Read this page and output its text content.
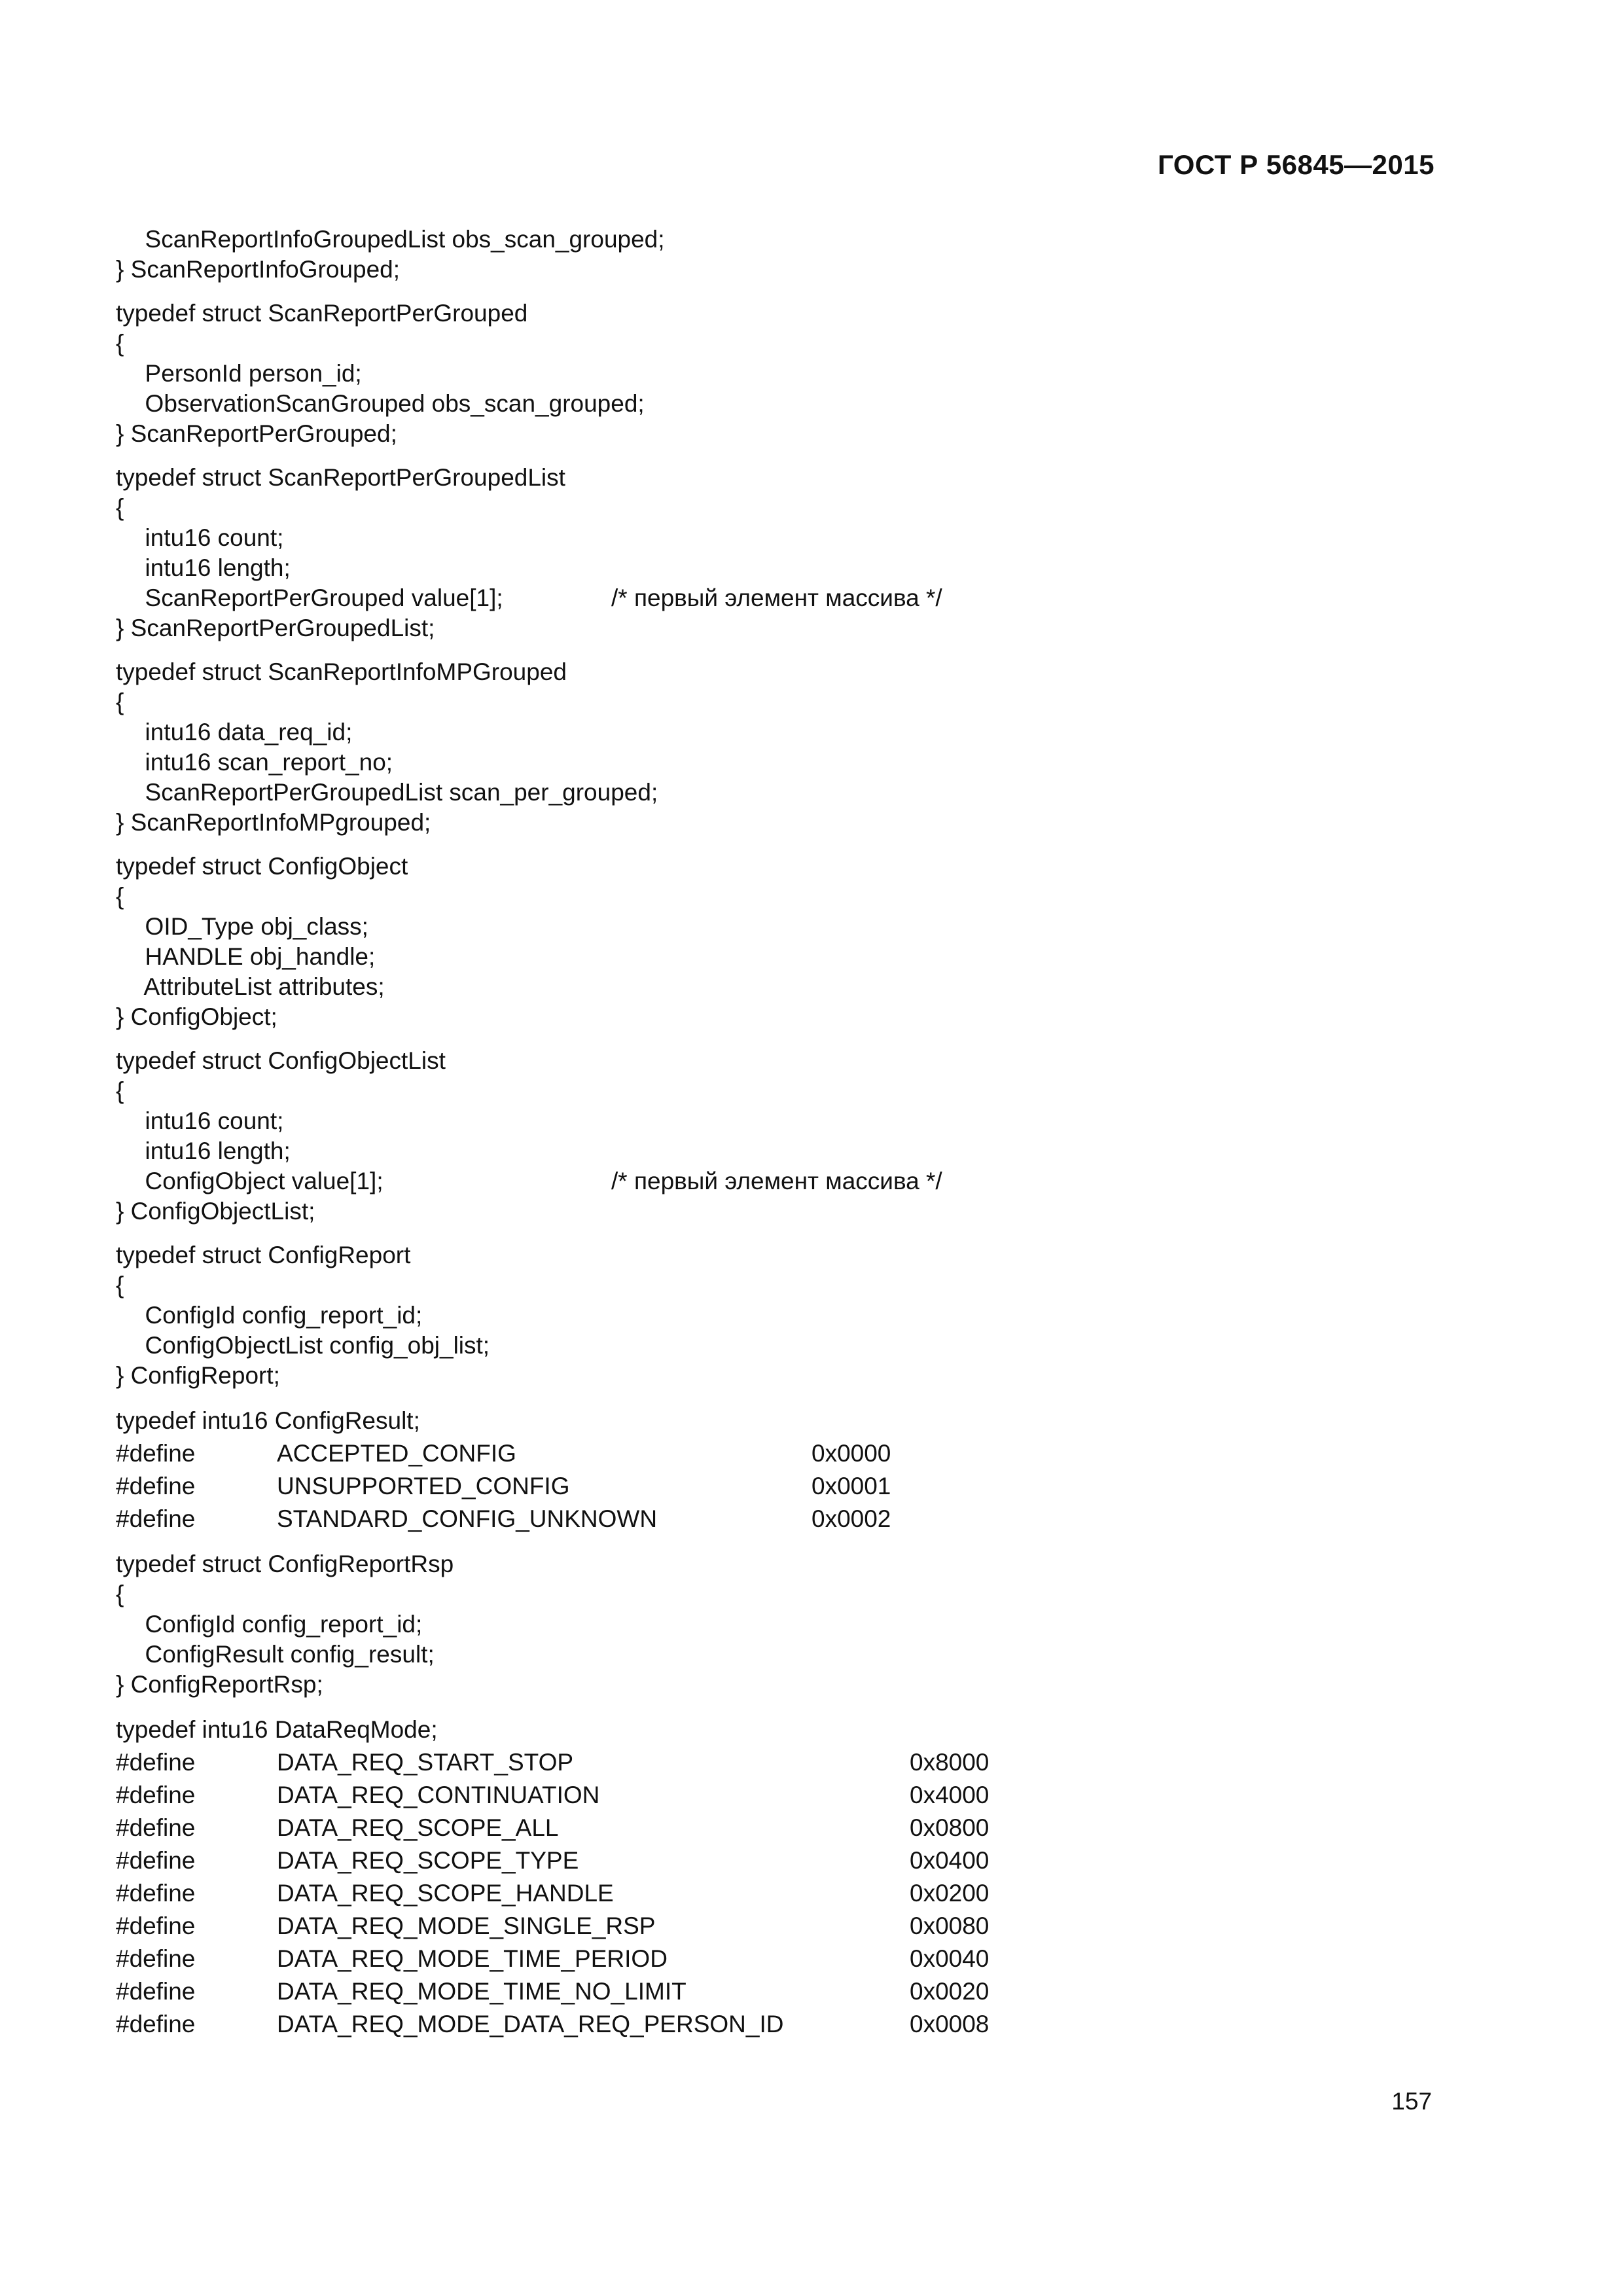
ГОСТ Р 56845—2015
ScanReportInfoGroupedList obs_scan_grouped;
} ScanReportInfoGrouped;
typedef struct ScanReportPerGrouped
{
PersonId person_id;
ObservationScanGrouped obs_scan_grouped;
} ScanReportPerGrouped;
typedef struct ScanReportPerGroupedList
{
intu16 count;
intu16 length;
ScanReportPerGrouped value[1];	/* первый элемент массива */
} ScanReportPerGroupedList;
typedef struct ScanReportInfoMPGrouped
{
intu16 data_req_id;
intu16 scan_report_no;
ScanReportPerGroupedList scan_per_grouped;
} ScanReportInfoMPgrouped;
typedef struct ConfigObject
{
OID_Type obj_class;
HANDLE obj_handle;
AttributeList attributes;
} ConfigObject;
typedef struct ConfigObjectList
{
intu16 count;
intu16 length;
ConfigObject value[1];	/* первый элемент массива */
} ConfigObjectList;
typedef struct ConfigReport
{
ConfigId config_report_id;
ConfigObjectList config_obj_list;
} ConfigReport;
typedef intu16 ConfigResult;
#define	ACCEPTED_CONFIG	0x0000
#define	UNSUPPORTED_CONFIG	0x0001
#define	STANDARD_CONFIG_UNKNOWN	0x0002
typedef struct ConfigReportRsp
{
ConfigId config_report_id;
ConfigResult config_result;
} ConfigReportRsp;
typedef intu16 DataReqMode;
#define	DATA_REQ_START_STOP	0x8000
#define	DATA_REQ_CONTINUATION	0x4000
#define	DATA_REQ_SCOPE_ALL	0x0800
#define	DATA_REQ_SCOPE_TYPE	0x0400
#define	DATA_REQ_SCOPE_HANDLE	0x0200
#define	DATA_REQ_MODE_SINGLE_RSP	0x0080
#define	DATA_REQ_MODE_TIME_PERIOD	0x0040
#define	DATA_REQ_MODE_TIME_NO_LIMIT	0x0020
#define	DATA_REQ_MODE_DATA_REQ_PERSON_ID	0x0008
157
